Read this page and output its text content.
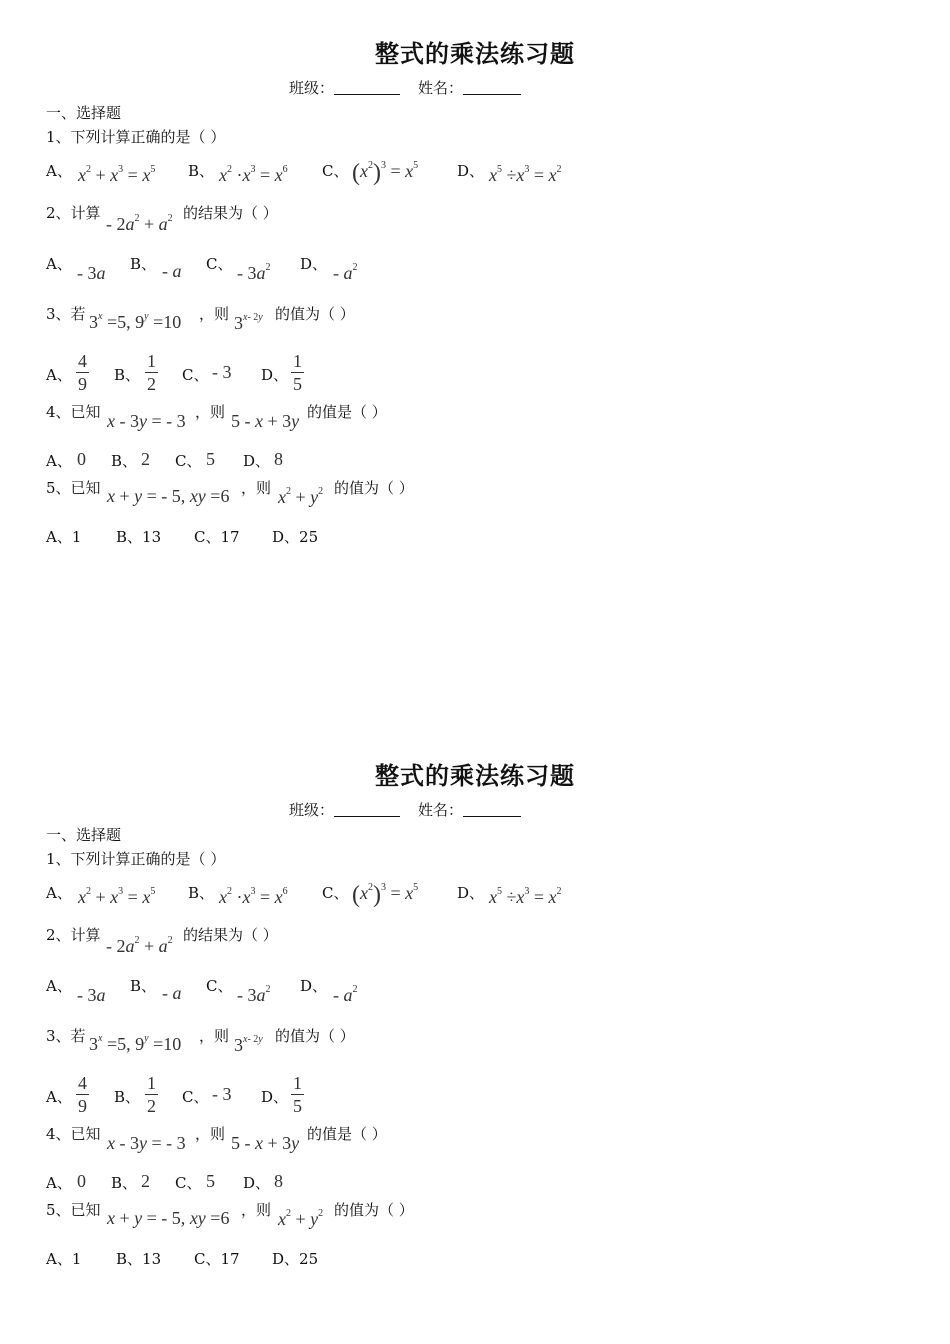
整式的乘法练习题
班级：	姓名：
一、选择题
1、下列计算正确的是（ ）
A、 $x^2 + x^3 = x^5$ B、 $x^2 \cdot x^3 = x^6$ C、 $(x^2)^3 = x^5$	D、 $x^5 \div x^3 = x^2$
2、计算
- $2a^2 + a^2$ 的结果为（ ）
A、 - 3a B、 - a C、 - $3a^2$ D、 - $a^2$
3、若 $3^x =5$, $9^y =10$ ，则 $3^{x- 2y}$ 的值为（ ）
A、 $\frac{4}{9}$ B、 $\frac{1}{2}$ C、 - 3 D、 $\frac{1}{5}$
4、已知 x - 3y = - 3 ，则 5 - x + 3y 的值是（ ）
A、 0 B、 2 C、 5 D、 8
5、已知 x + y = - 5, xy =6 ，则 $x^2 + y^2$ 的值为（ ）
A、1 B、13 C、17 D、25
整式的乘法练习题
班级：	姓名：
一、选择题
1、下列计算正确的是（ ）
A、 $x^2 + x^3 = x^5$ B、 $x^2 \cdot x^3 = x^6$ C、 $(x^2)^3 = x^5$	D、 $x^5 \div x^3 = x^2$
2、计算
- $2a^2 + a^2$ 的结果为（ ）
A、 - 3a B、 - a C、 - $3a^2$ D、 - $a^2$
3、若 $3^x =5$, $9^y =10$ ，则 $3^{x- 2y}$ 的值为（ ）
A、 $\frac{4}{9}$ B、 $\frac{1}{2}$ C、 - 3 D、 $\frac{1}{5}$
4、已知 x - 3y = - 3 ，则 5 - x + 3y 的值是（ ）
A、 0 B、 2 C、 5 D、 8
5、已知 x + y = - 5, xy =6 ，则 $x^2 + y^2$ 的值为（ ）
A、1 B、13 C、17 D、25
